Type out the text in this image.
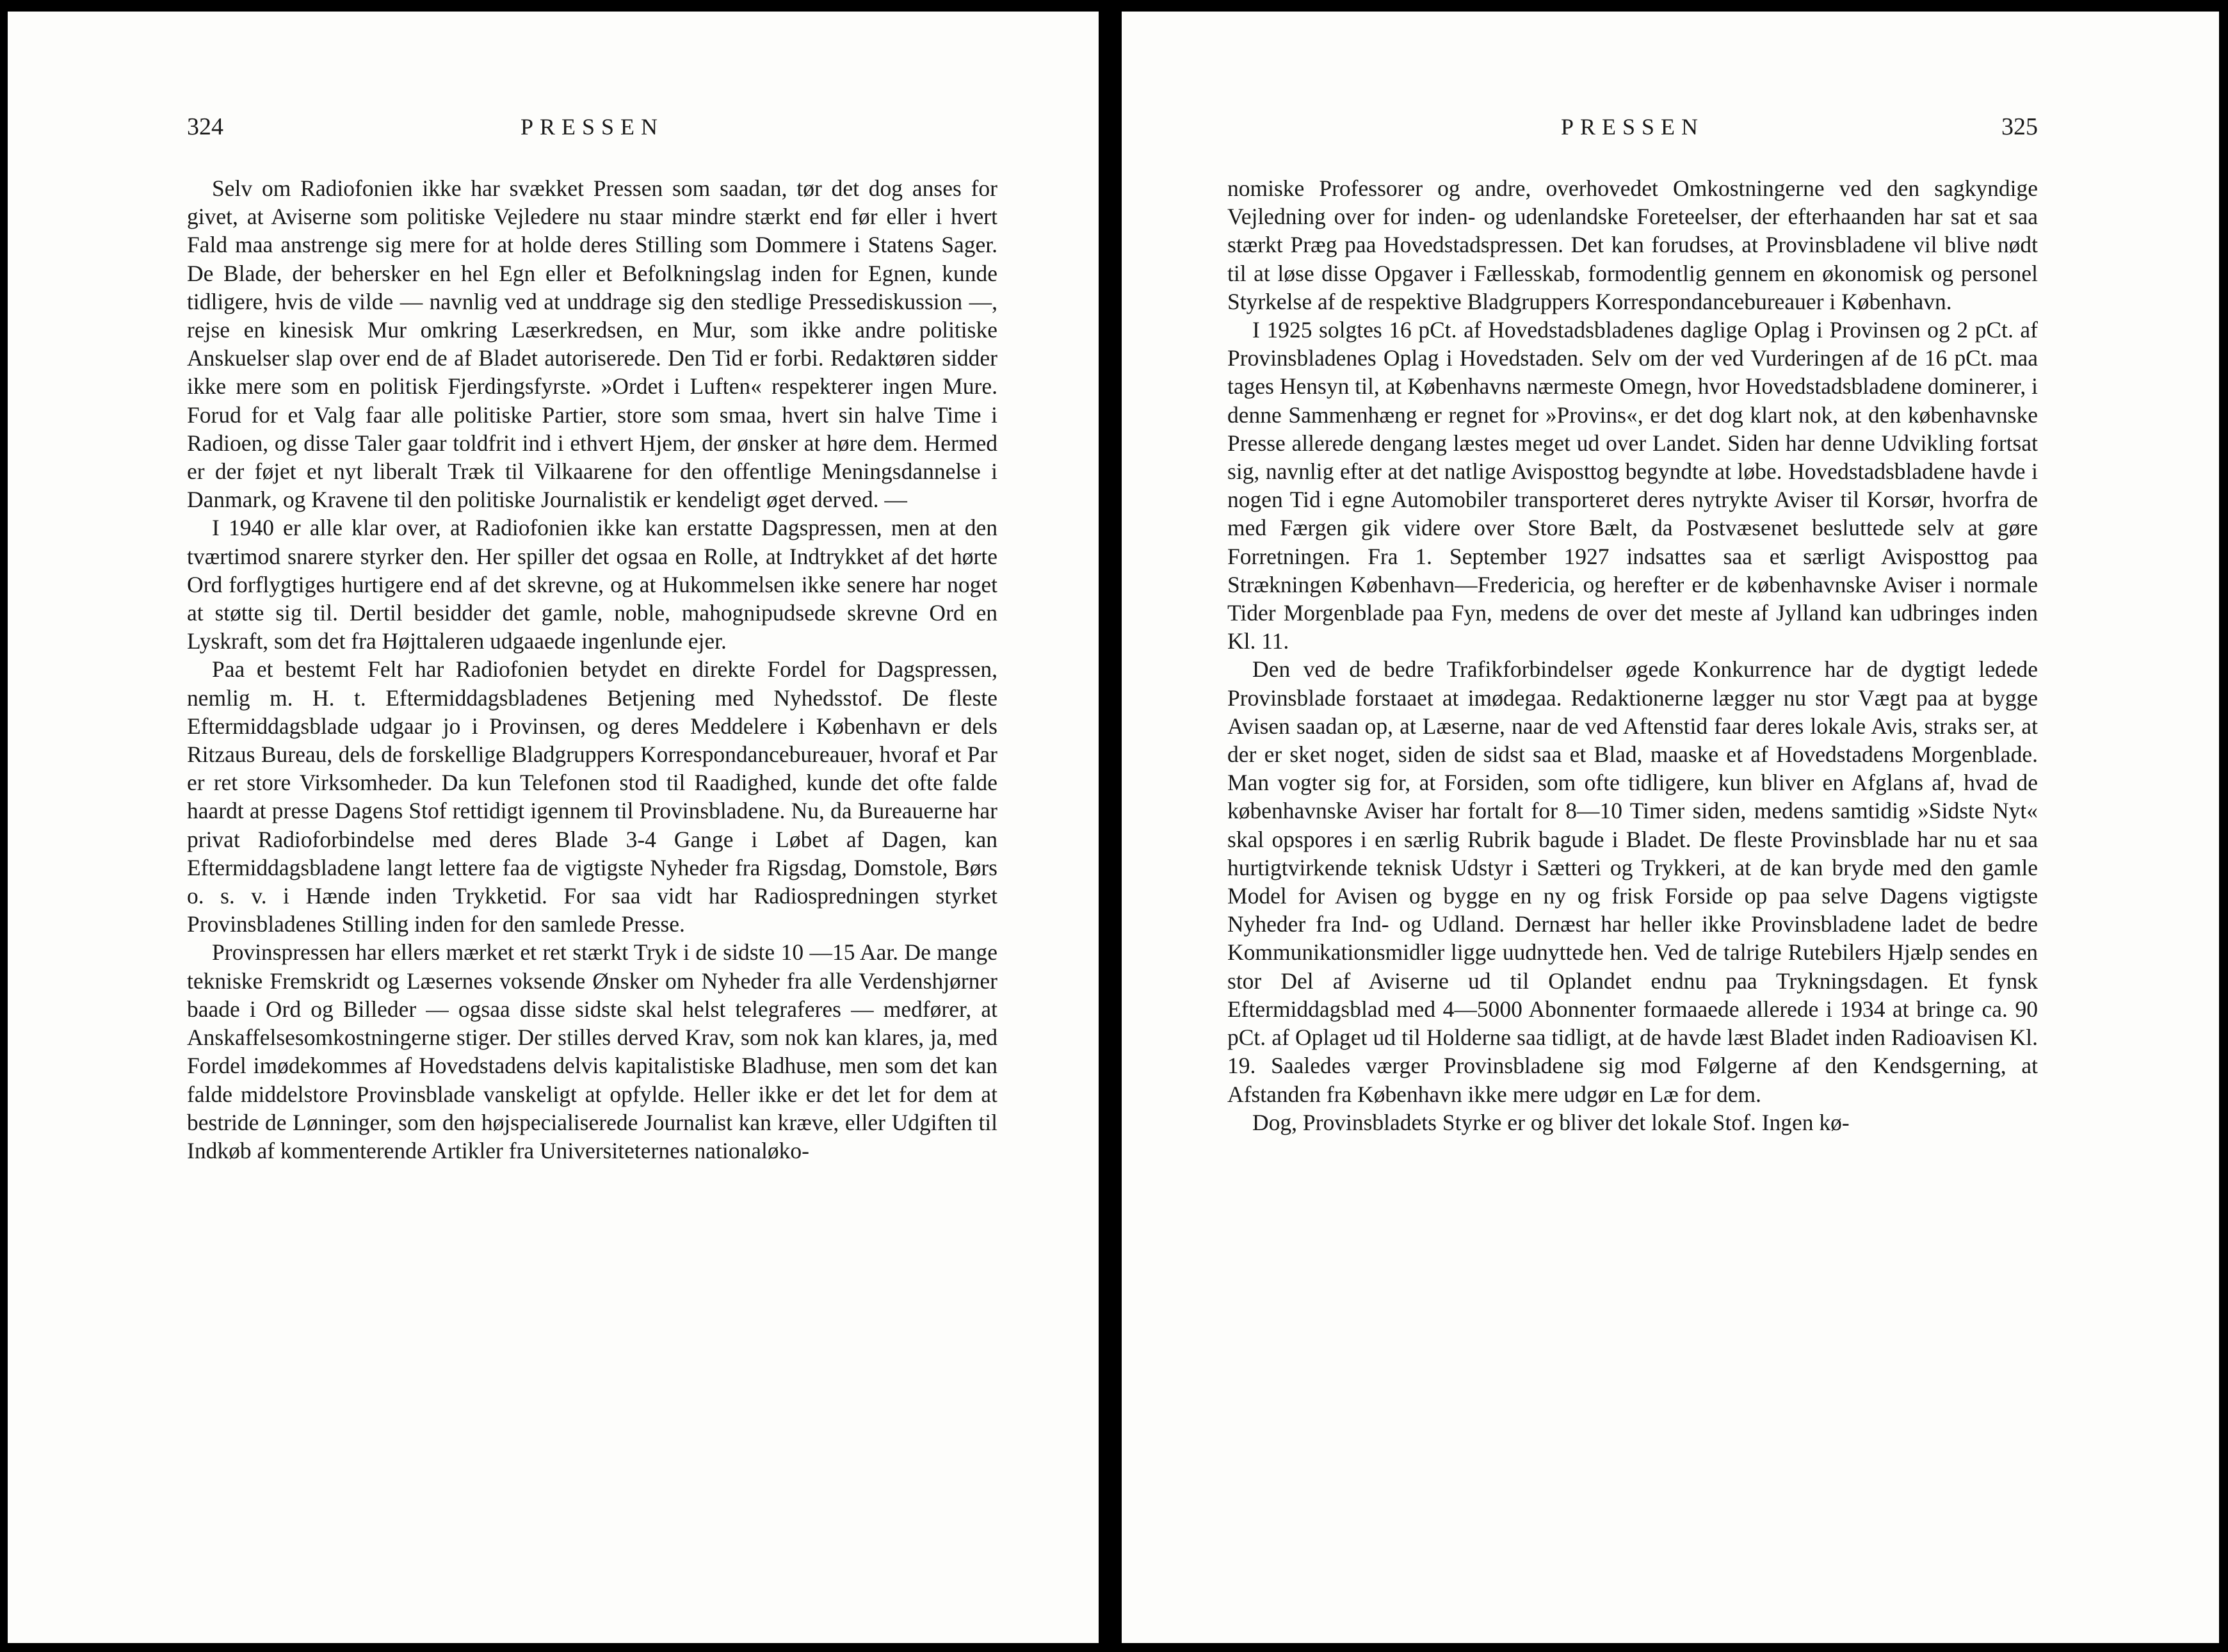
324	PRESSEN

Selv om Radiofonien ikke har svækket Pressen som saadan, tør det dog anses for givet, at Aviserne som politiske Vejledere nu staar mindre stærkt end før eller i hvert Fald maa anstrenge sig mere for at holde deres Stilling som Dommere i Statens Sager. De Blade, der behersker en hel Egn eller et Befolkningslag inden for Egnen, kunde tidligere, hvis de vilde — navnlig ved at unddrage sig den stedlige Pressediskussion —, rejse en kinesisk Mur omkring Læserkredsen, en Mur, som ikke andre politiske Anskuelser slap over end de af Bladet autoriserede. Den Tid er forbi. Redaktøren sidder ikke mere som en politisk Fjerdingsfyrste. »Ordet i Luften« respekterer ingen Mure. Forud for et Valg faar alle politiske Partier, store som smaa, hvert sin halve Time i Radioen, og disse Taler gaar toldfrit ind i ethvert Hjem, der ønsker at høre dem. Hermed er der føjet et nyt liberalt Træk til Vilkaarene for den offentlige Meningsdannelse i Danmark, og Kravene til den politiske Journalistik er kendeligt øget derved. —

I 1940 er alle klar over, at Radiofonien ikke kan erstatte Dagspressen, men at den tværtimod snarere styrker den. Her spiller det ogsaa en Rolle, at Indtrykket af det hørte Ord forflygtiges hurtigere end af det skrevne, og at Hukommelsen ikke senere har noget at støtte sig til. Dertil besidder det gamle, noble, mahognipudsede skrevne Ord en Lyskraft, som det fra Højttaleren udgaaede ingenlunde ejer.

Paa et bestemt Felt har Radiofonien betydet en direkte Fordel for Dagspressen, nemlig m. H. t. Eftermiddagsbladenes Betjening med Nyhedsstof. De fleste Eftermiddagsblade udgaar jo i Provinsen, og deres Meddelere i København er dels Ritzaus Bureau, dels de forskellige Bladgruppers Korrespondancebureauer, hvoraf et Par er ret store Virksomheder. Da kun Telefonen stod til Raadighed, kunde det ofte falde haardt at presse Dagens Stof rettidigt igennem til Provinsbladene. Nu, da Bureauerne har privat Radioforbindelse med deres Blade 3-4 Gange i Løbet af Dagen, kan Eftermiddagsbladene langt lettere faa de vigtigste Nyheder fra Rigsdag, Domstole, Børs o. s. v. i Hænde inden Trykketid. For saa vidt har Radiospredningen styrket Provinsbladenes Stilling inden for den samlede Presse.

Provinspressen har ellers mærket et ret stærkt Tryk i de sidste 10 —15 Aar. De mange tekniske Fremskridt og Læsernes voksende Ønsker om Nyheder fra alle Verdenshjørner baade i Ord og Billeder — ogsaa disse sidste skal helst telegraferes — medfører, at Anskaffelsesomkostningerne stiger. Der stilles derved Krav, som nok kan klares, ja, med Fordel imødekommes af Hovedstadens delvis kapitalistiske Bladhuse, men som det kan falde middelstore Provinsblade vanskeligt at opfylde. Heller ikke er det let for dem at bestride de Lønninger, som den højspecialiserede Journalist kan kræve, eller Udgiften til Indkøb af kommenterende Artikler fra Universiteternes nationaløko-

PRESSEN	325

nomiske Professorer og andre, overhovedet Omkostningerne ved den sagkyndige Vejledning over for inden- og udenlandske Foreteelser, der efterhaanden har sat et saa stærkt Præg paa Hovedstadspressen. Det kan forudses, at Provinsbladene vil blive nødt til at løse disse Opgaver i Fællesskab, formodentlig gennem en økonomisk og personel Styrkelse af de respektive Bladgruppers Korrespondancebureauer i København.

I 1925 solgtes 16 pCt. af Hovedstadsbladenes daglige Oplag i Provinsen og 2 pCt. af Provinsbladenes Oplag i Hovedstaden. Selv om der ved Vurderingen af de 16 pCt. maa tages Hensyn til, at Københavns nærmeste Omegn, hvor Hovedstadsbladene dominerer, i denne Sammenhæng er regnet for »Provins«, er det dog klart nok, at den københavnske Presse allerede dengang læstes meget ud over Landet. Siden har denne Udvikling fortsat sig, navnlig efter at det natlige Avisposttog begyndte at løbe. Hovedstadsbladene havde i nogen Tid i egne Automobiler transporteret deres nytrykte Aviser til Korsør, hvorfra de med Færgen gik videre over Store Bælt, da Postvæsenet besluttede selv at gøre Forretningen. Fra 1. September 1927 indsattes saa et særligt Avisposttog paa Strækningen København—Fredericia, og herefter er de københavnske Aviser i normale Tider Morgenblade paa Fyn, medens de over det meste af Jylland kan udbringes inden Kl. 11.

Den ved de bedre Trafikforbindelser øgede Konkurrence har de dygtigt ledede Provinsblade forstaaet at imødegaa. Redaktionerne lægger nu stor Vægt paa at bygge Avisen saadan op, at Læserne, naar de ved Aftenstid faar deres lokale Avis, straks ser, at der er sket noget, siden de sidst saa et Blad, maaske et af Hovedstadens Morgenblade. Man vogter sig for, at Forsiden, som ofte tidligere, kun bliver en Afglans af, hvad de københavnske Aviser har fortalt for 8—10 Timer siden, medens samtidig »Sidste Nyt« skal opspores i en særlig Rubrik bagude i Bladet. De fleste Provinsblade har nu et saa hurtigtvirkende teknisk Udstyr i Sætteri og Trykkeri, at de kan bryde med den gamle Model for Avisen og bygge en ny og frisk Forside op paa selve Dagens vigtigste Nyheder fra Ind- og Udland. Dernæst har heller ikke Provinsbladene ladet de bedre Kommunikationsmidler ligge uudnyttede hen. Ved de talrige Rutebilers Hjælp sendes en stor Del af Aviserne ud til Oplandet endnu paa Trykningsdagen. Et fynsk Eftermiddagsblad med 4—5000 Abonnenter formaaede allerede i 1934 at bringe ca. 90 pCt. af Oplaget ud til Holderne saa tidligt, at de havde læst Bladet inden Radioavisen Kl. 19. Saaledes værger Provinsbladene sig mod Følgerne af den Kendsgerning, at Afstanden fra København ikke mere udgør en Læ for dem.

Dog, Provinsbladets Styrke er og bliver det lokale Stof. Ingen kø-
